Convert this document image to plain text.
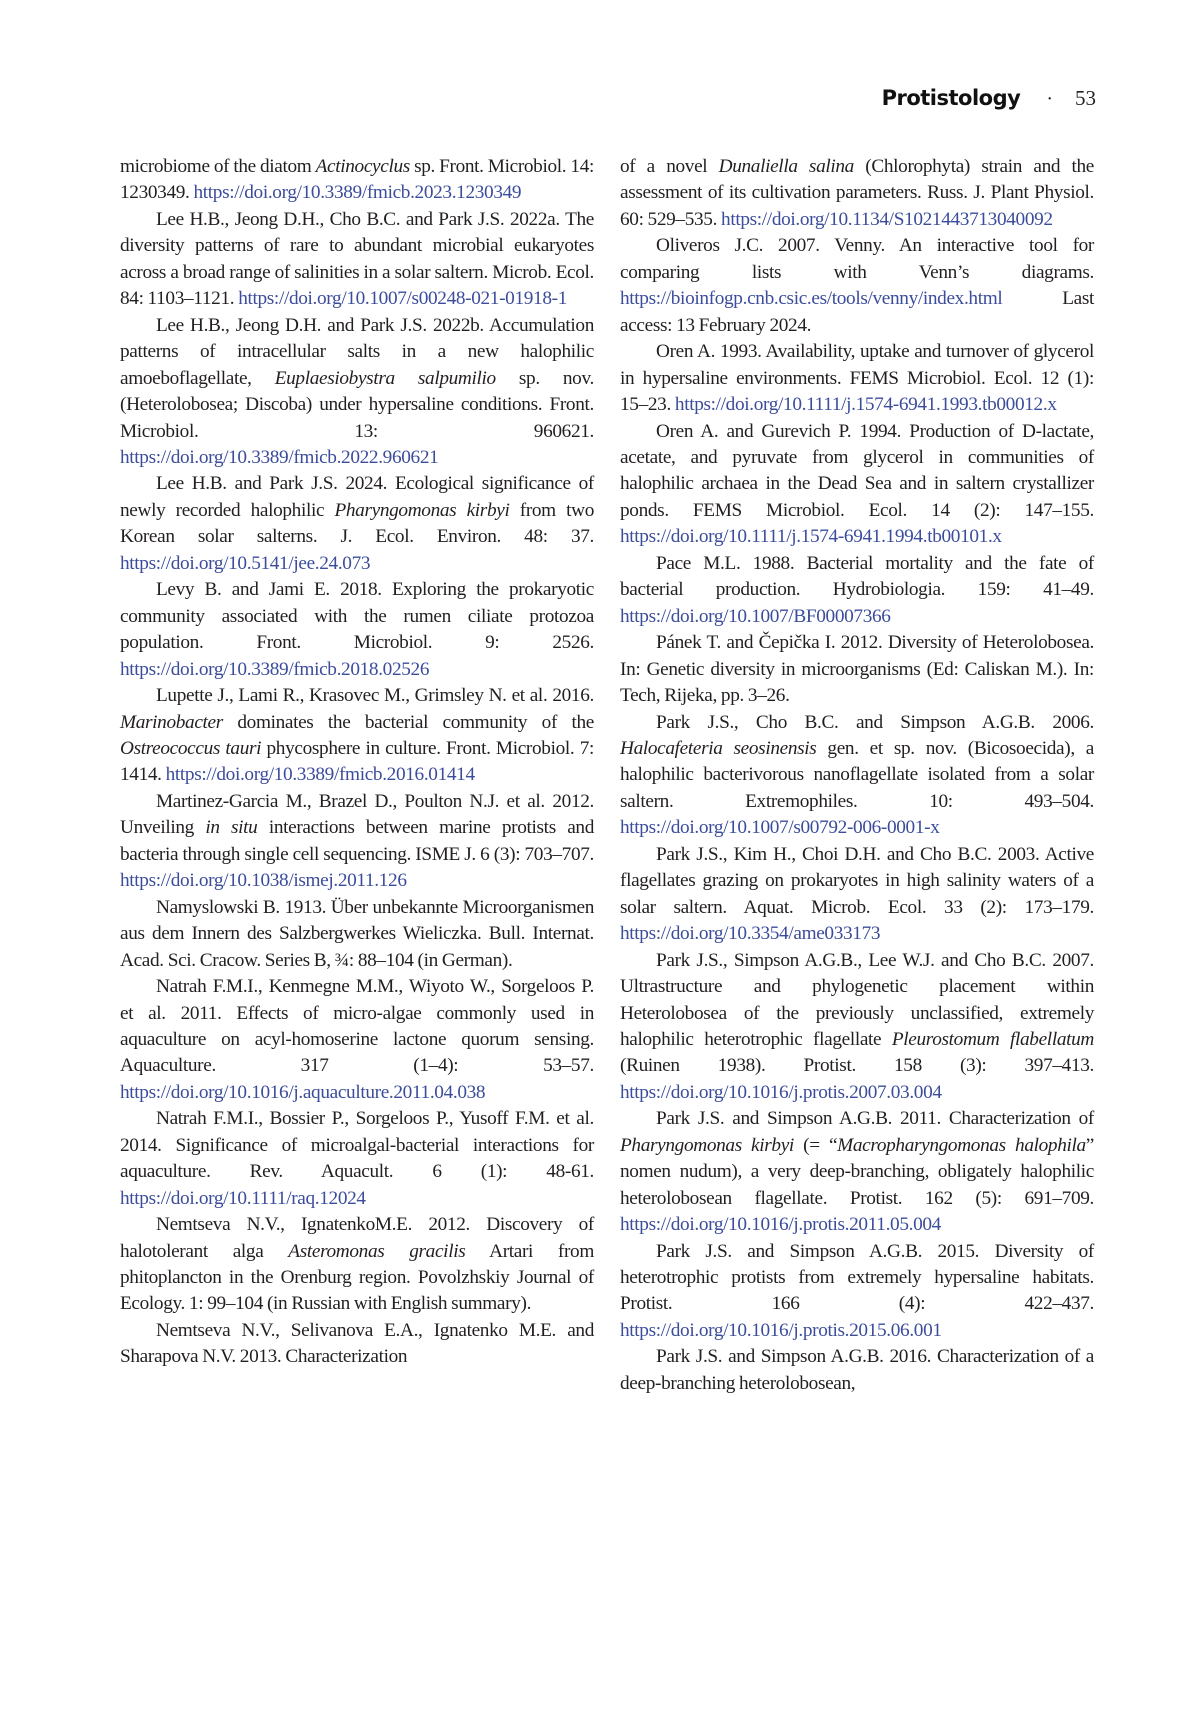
Protistology · 53

microbiome of the diatom Actinocyclus sp. Front. Microbiol. 14: 1230349. https://doi.org/10.3389/fmicb.2023.1230349

Lee H.B., Jeong D.H., Cho B.C. and Park J.S. 2022a. The diversity patterns of rare to abundant microbial eukaryotes across a broad range of salinities in a solar saltern. Microb. Ecol. 84: 1103–1121. https://doi.org/10.1007/s00248-021-01918-1

Lee H.B., Jeong D.H. and Park J.S. 2022b. Accumulation patterns of intracellular salts in a new halophilic amoeboflagellate, Euplaesiobystra salpumilio sp. nov. (Heterolobosea; Discoba) under hypersaline conditions. Front. Microbiol. 13: 960621. https://doi.org/10.3389/fmicb.2022.960621

Lee H.B. and Park J.S. 2024. Ecological significance of newly recorded halophilic Pharyngomonas kirbyi from two Korean solar salterns. J. Ecol. Environ. 48: 37. https://doi.org/10.5141/jee.24.073

Levy B. and Jami E. 2018. Exploring the prokaryotic community associated with the rumen ciliate protozoa population. Front. Microbiol. 9: 2526. https://doi.org/10.3389/fmicb.2018.02526

Lupette J., Lami R., Krasovec M., Grimsley N. et al. 2016. Marinobacter dominates the bacterial community of the Ostreococcus tauri phycosphere in culture. Front. Microbiol. 7: 1414. https://doi.org/10.3389/fmicb.2016.01414

Martinez-Garcia M., Brazel D., Poulton N.J. et al. 2012. Unveiling in situ interactions between marine protists and bacteria through single cell sequencing. ISME J. 6 (3): 703–707. https://doi.org/10.1038/ismej.2011.126

Namyslowski B. 1913. Über unbekannte Microorganismen aus dem Innern des Salzbergwerkes Wieliczka. Bull. Internat. Acad. Sci. Cracow. Series B, ¾: 88–104 (in German).

Natrah F.M.I., Kenmegne M.M., Wiyoto W., Sorgeloos P. et al. 2011. Effects of micro-algae commonly used in aquaculture on acyl-homoserine lactone quorum sensing. Aquaculture. 317 (1–4): 53–57. https://doi.org/10.1016/j.aquaculture.2011.04.038

Natrah F.M.I., Bossier P., Sorgeloos P., Yusoff F.M. et al. 2014. Significance of microalgal-bacterial interactions for aquaculture. Rev. Aquacult. 6 (1): 48-61. https://doi.org/10.1111/raq.12024

Nemtseva N.V., IgnatenkoM.E. 2012. Discovery of halotolerant alga Asteromonas gracilis Artari from phitoplancton in the Orenburg region. Povolzhskiy Journal of Ecology. 1: 99–104 (in Russian with English summary).

Nemtseva N.V., Selivanova E.A., Ignatenko M.E. and Sharapova N.V. 2013. Characterization

of a novel Dunaliella salina (Chlorophyta) strain and the assessment of its cultivation parameters. Russ. J. Plant Physiol. 60: 529–535. https://doi.org/10.1134/S1021443713040092

Oliveros J.C. 2007. Venny. An interactive tool for comparing lists with Venn’s diagrams. https://bioinfogp.cnb.csic.es/tools/venny/index.html Last access: 13 February 2024.

Oren A. 1993. Availability, uptake and turnover of glycerol in hypersaline environments. FEMS Microbiol. Ecol. 12 (1): 15–23. https://doi.org/10.1111/j.1574-6941.1993.tb00012.x

Oren A. and Gurevich P. 1994. Production of D-lactate, acetate, and pyruvate from glycerol in communities of halophilic archaea in the Dead Sea and in saltern crystallizer ponds. FEMS Microbiol. Ecol. 14 (2): 147–155. https://doi.org/10.1111/j.1574-6941.1994.tb00101.x

Pace M.L. 1988. Bacterial mortality and the fate of bacterial production. Hydrobiologia. 159: 41–49. https://doi.org/10.1007/BF00007366

Pánek T. and Čepička I. 2012. Diversity of Heterolobosea. In: Genetic diversity in microorganisms (Ed: Caliskan M.). In: Tech, Rijeka, pp. 3–26.

Park J.S., Cho B.C. and Simpson A.G.B. 2006. Halocafeteria seosinensis gen. et sp. nov. (Bicosoecida), a halophilic bacterivorous nanoflagellate isolated from a solar saltern. Extremophiles. 10: 493–504. https://doi.org/10.1007/s00792-006-0001-x

Park J.S., Kim H., Choi D.H. and Cho B.C. 2003. Active flagellates grazing on prokaryotes in high salinity waters of a solar saltern. Aquat. Microb. Ecol. 33 (2): 173–179. https://doi.org/10.3354/ame033173

Park J.S., Simpson A.G.B., Lee W.J. and Cho B.C. 2007. Ultrastructure and phylogenetic placement within Heterolobosea of the previously unclassified, extremely halophilic heterotrophic flagellate Pleurostomum flabellatum (Ruinen 1938). Protist. 158 (3): 397–413. https://doi.org/10.1016/j.protis.2007.03.004

Park J.S. and Simpson A.G.B. 2011. Characterization of Pharyngomonas kirbyi (= “Macropharyngomonas halophila” nomen nudum), a very deep-branching, obligately halophilic heterolobosean flagellate. Protist. 162 (5): 691–709. https://doi.org/10.1016/j.protis.2011.05.004

Park J.S. and Simpson A.G.B. 2015. Diversity of heterotrophic protists from extremely hypersaline habitats. Protist. 166 (4): 422–437. https://doi.org/10.1016/j.protis.2015.06.001

Park J.S. and Simpson A.G.B. 2016. Characterization of a deep-branching heterolobosean,
